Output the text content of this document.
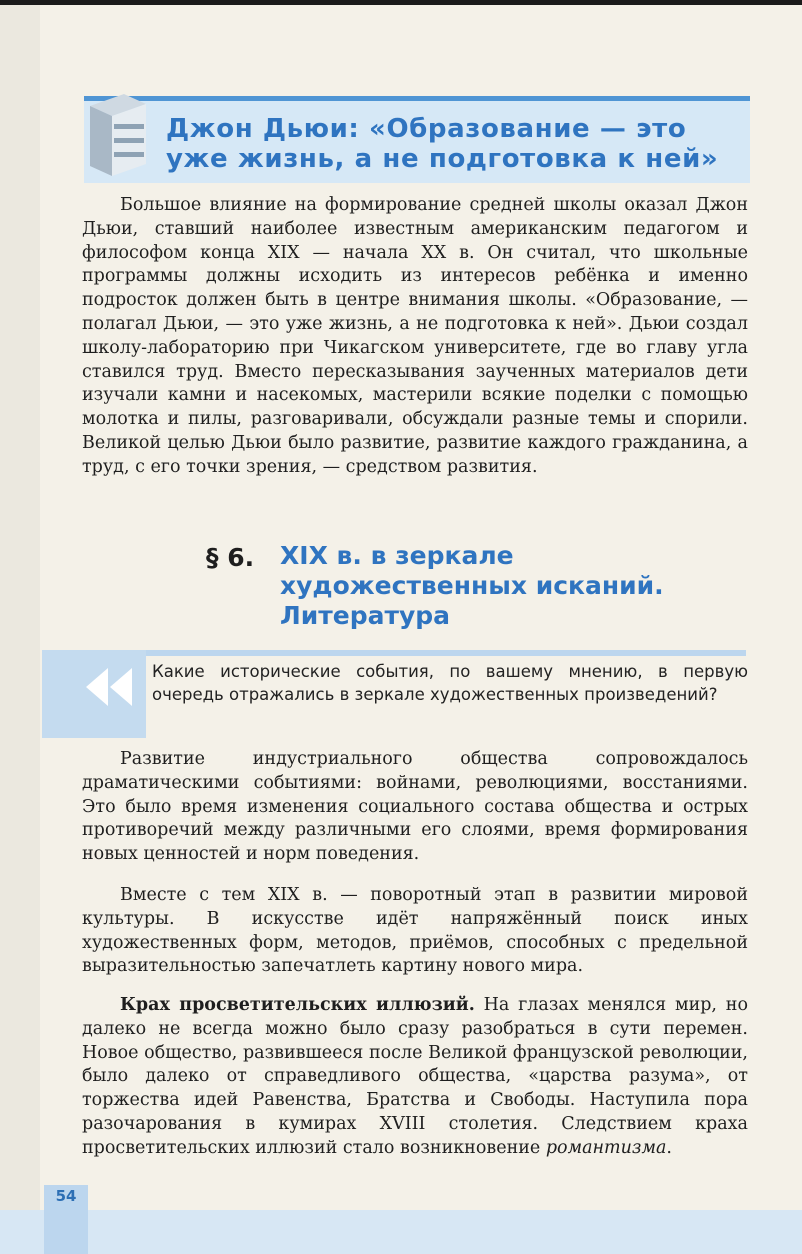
Джон Дьюи: «Образование — это
уже жизнь, а не подготовка к ней»

Большое влияние на формирование средней школы оказал Джон Дьюи, ставший наиболее известным американским педагогом и философом конца XIX — начала XX в. Он считал, что школьные программы должны исходить из интересов ребёнка и именно подросток должен быть в центре внимания школы. «Образование, — полагал Дьюи, — это уже жизнь, а не подготовка к ней». Дьюи создал школу-лабораторию при Чикагском университете, где во главу угла ставился труд. Вместо пересказывания заученных материалов дети изучали камни и насекомых, мастерили всякие поделки с помощью молотка и пилы, разговаривали, обсуждали разные темы и спорили. Великой целью Дьюи было развитие, развитие каждого гражданина, а труд, с его точки зрения, — средством развития.

§ 6. XIX в. в зеркале
художественных исканий.
Литература
Какие исторические события, по вашему мнению, в первую очередь отражались в зеркале художественных произведений?

Развитие индустриального общества сопровождалось драматическими событиями: войнами, революциями, восстаниями. Это было время изменения социального состава общества и острых противоречий между различными его слоями, время формирования новых ценностей и норм поведения.

Вместе с тем XIX в. — поворотный этап в развитии мировой культуры. В искусстве идёт напряжённый поиск иных художественных форм, методов, приёмов, способных с предельной выразительностью запечатлеть картину нового мира.

Крах просветительских иллюзий. На глазах менялся мир, но далеко не всегда можно было сразу разобраться в сути перемен. Новое общество, развившееся после Великой французской революции, было далеко от справедливого общества, «царства разума», от торжества идей Равенства, Братства и Свободы. Наступила пора разочарования в кумирах XVIII столетия. Следствием краха просветительских иллюзий стало возникновение романтизма.

54
